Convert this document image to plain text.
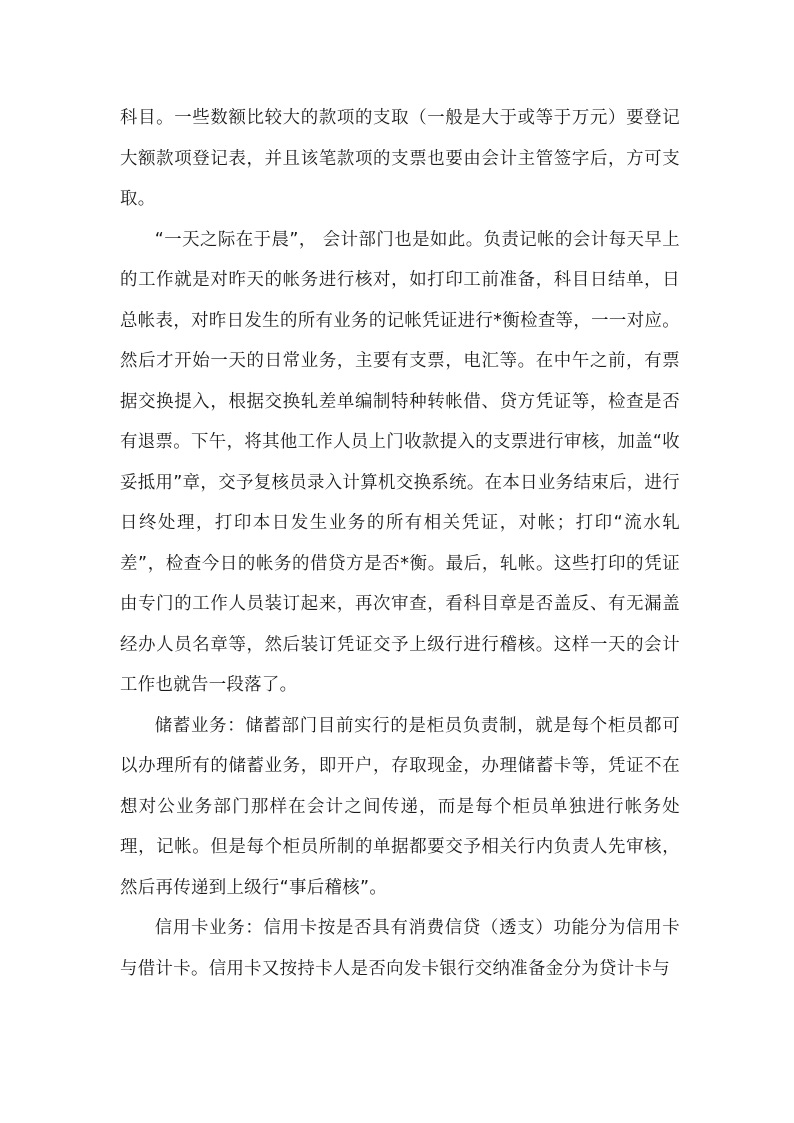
科目。一些数额比较大的款项的支取（一般是大于或等于万元）要登记大额款项登记表，并且该笔款项的支票也要由会计主管签字后，方可支取。

“一天之际在于晨”， 会计部门也是如此。负责记帐的会计每天早上的工作就是对昨天的帐务进行核对，如打印工前准备，科目日结单，日总帐表，对昨日发生的所有业务的记帐凭证进行*衡检查等，一一对应。然后才开始一天的日常业务，主要有支票，电汇等。在中午之前，有票据交换提入，根据交换轧差单编制特种转帐借、贷方凭证等，检查是否有退票。下午，将其他工作人员上门收款提入的支票进行审核，加盖“收妥抵用”章，交予复核员录入计算机交换系统。在本日业务结束后，进行日终处理，打印本日发生业务的所有相关凭证，对帐；打印“流水轧差”，检查今日的帐务的借贷方是否*衡。最后，轧帐。这些打印的凭证由专门的工作人员装订起来，再次审查，看科目章是否盖反、有无漏盖经办人员名章等，然后装订凭证交予上级行进行稽核。这样一天的会计工作也就告一段落了。

储蓄业务：储蓄部门目前实行的是柜员负责制，就是每个柜员都可以办理所有的储蓄业务，即开户，存取现金，办理储蓄卡等，凭证不在想对公业务部门那样在会计之间传递，而是每个柜员单独进行帐务处理，记帐。但是每个柜员所制的单据都要交予相关行内负责人先审核，然后再传递到上级行“事后稽核”。

信用卡业务：信用卡按是否具有消费信贷（透支）功能分为信用卡与借计卡。信用卡又按持卡人是否向发卡银行交纳准备金分为贷计卡与
